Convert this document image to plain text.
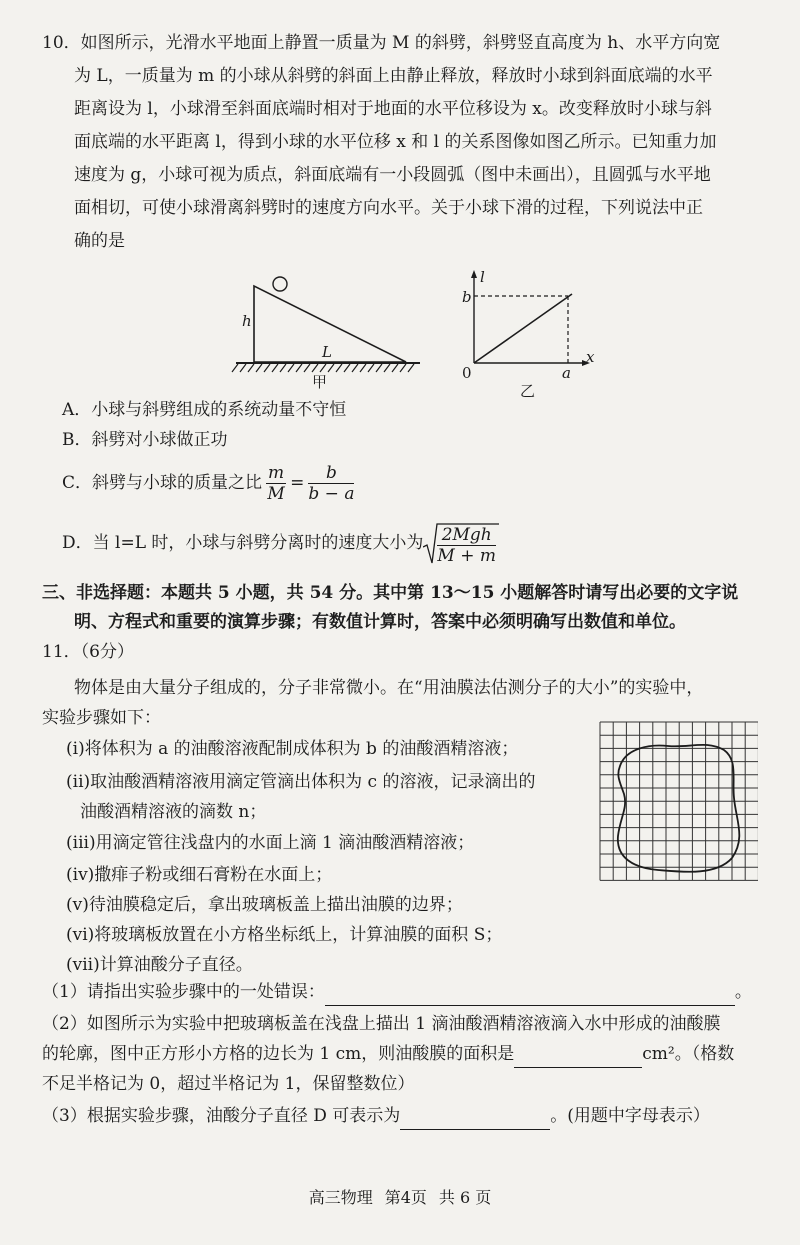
10．如图所示，光滑水平地面上静置一质量为 M 的斜劈，斜劈竖直高度为 h、水平方向宽
为 L，一质量为 m 的小球从斜劈的斜面上由静止释放，释放时小球到斜面底端的水平
距离设为 l，小球滑至斜面底端时相对于地面的水平位移设为 x。改变释放时小球与斜
面底端的水平距离 l，得到小球的水平位移 x 和 l 的关系图像如图乙所示。已知重力加
速度为 g，小球可视为质点，斜面底端有一小段圆弧（图中未画出），且圆弧与水平地
面相切，可使小球滑离斜劈时的速度方向水平。关于小球下滑的过程，下列说法中正
确的是
h
L
甲
l
b
x
0	a
乙
A．小球与斜劈组成的系统动量不守恒
B．斜劈对小球做正功
C．斜劈与小球的质量之比 $\frac{m}{M} = \frac{b}{b - a}$
D．当 l=L 时，小球与斜劈分离时的速度大小为 2Mgh
M + m
三、非选择题：本题共 5 小题，共 54 分。其中第 13～15 小题解答时请写出必要的文字说
明、方程式和重要的演算步骤；有数值计算时，答案中必须明确写出数值和单位。
11．（6分）
物体是由大量分子组成的，分子非常微小。在“用油膜法估测分子的大小”的实验中，
实验步骤如下：
(i)将体积为 a 的油酸溶液配制成体积为 b 的油酸酒精溶液；
(ii)取油酸酒精溶液用滴定管滴出体积为 c 的溶液，记录滴出的
油酸酒精溶液的滴数 n；
(iii)用滴定管往浅盘内的水面上滴 1 滴油酸酒精溶液；
(iv)撒痱子粉或细石膏粉在水面上；
(v)待油膜稳定后，拿出玻璃板盖上描出油膜的边界；
(vi)将玻璃板放置在小方格坐标纸上，计算油膜的面积 S；
(vii)计算油酸分子直径。
（1）请指出实验步骤中的一处错误：	。
（2）如图所示为实验中把玻璃板盖在浅盘上描出 1 滴油酸酒精溶液滴入水中形成的油酸膜
的轮廓，图中正方形小方格的边长为 1 cm，则油酸膜的面积是	cm²。（格数
不足半格记为 0，超过半格记为 1，保留整数位）
（3）根据实验步骤，油酸分子直径 D 可表示为	。(用题中字母表示）
高三物理 第4页 共 6 页
